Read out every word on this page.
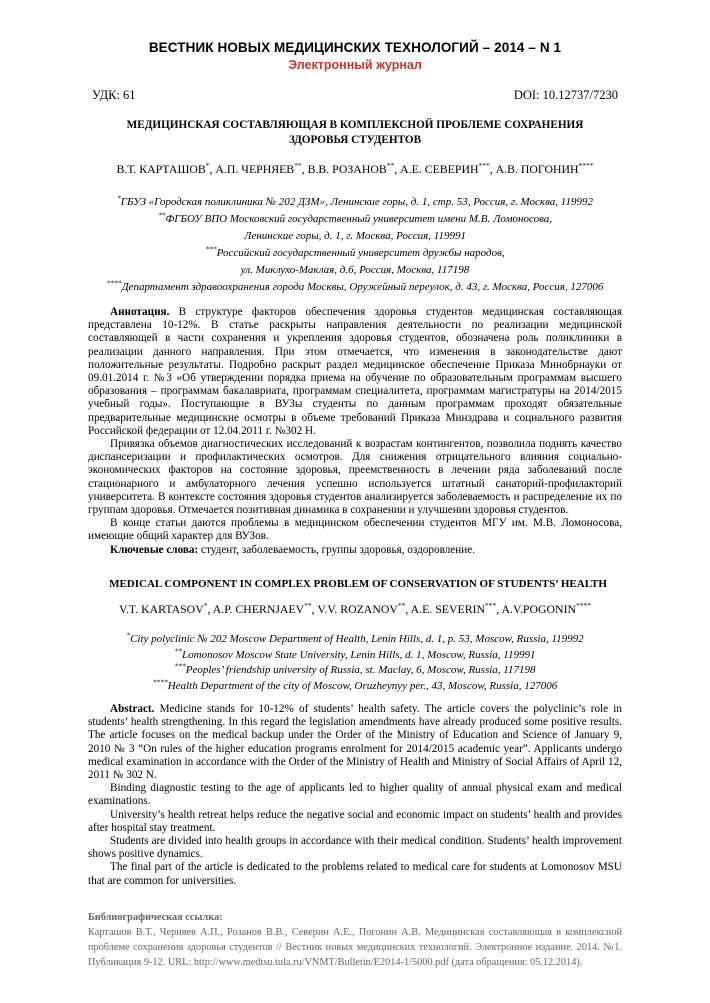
ВЕСТНИК НОВЫХ МЕДИЦИНСКИХ ТЕХНОЛОГИЙ – 2014 – N 1
Электронный журнал
УДК: 61	DOI: 10.12737/7230
МЕДИЦИНСКАЯ СОСТАВЛЯЮЩАЯ В КОМПЛЕКСНОЙ ПРОБЛЕМЕ СОХРАНЕНИЯ
ЗДОРОВЬЯ СТУДЕНТОВ
В.Т. КАРТАШОВ*, А.П. ЧЕРНЯЕВ**, В.В. РОЗАНОВ**, А.Е. СЕВЕРИН***, А.В. ПОГОНИН****
*ГБУЗ «Городская поликлиника № 202 ДЗМ», Ленинские горы, д. 1, стр. 53, Россия, г. Москва, 119992
**ФГБОУ ВПО Московский государственный университет имени М.В. Ломоносова,
Ленинские горы, д. 1, г. Москва, Россия, 119991
***Российский государственный университет дружбы народов,
ул. Миклухо-Маклая, д.6, Россия, Москва, 117198
****Департамент здравоохранения города Москвы, Оружейный переулок, д. 43, г. Москва, Россия, 127006

Аннотация. В структуре факторов обеспечения здоровья студентов медицинская составляющая представлена 10-12%. В статье раскрыты направления деятельности по реализации медицинской составляющей в части сохранения и укрепления здоровья студентов, обозначена роль поликлиники в реализации данного направления. При этом отмечается, что изменения в законодательстве дают положительные результаты. Подробно раскрыт раздел медицинское обеспечение Приказа Минобрнауки от 09.01.2014 г. №3 «Об утверждении порядка приема на обучение по образовательным программам высшего образования – программам бакалавриата, программам специалитета, программам магистратуры на 2014/2015 учебный годы». Поступающие в ВУЗы студенты по данным программам проходят обязательные предварительные медицинские осмотры в объеме требований Приказа Минздрава и социального развития Российской федерации от 12.04.2011 г. №302 Н.

Привязка объемов диагностических исследований к возрастам контингентов, позволила поднять качество диспансеризации и профилактических осмотров. Для снижения отрицательного влияния социально-экономических факторов на состояние здоровья, преемственность в лечении ряда заболеваний после стационарного и амбулаторного лечения успешно используется штатный санаторий-профилакторий университета. В контексте состояния здоровья студентов анализируется заболеваемость и распределение их по группам здоровья. Отмечается позитивная динамика в сохранении и улучшении здоровья студентов.

В конце статьи даются проблемы в медицинском обеспечении студентов МГУ им. М.В. Ломоносова, имеющие общий характер для ВУЗов.

Ключевые слова: студент, заболеваемость, группы здоровья, оздоровление.

MEDICAL COMPONENT IN COMPLEX PROBLEM OF CONSERVATION OF STUDENTS’ HEALTH
V.T. KARTASOV*, A.P. CHERNJAEV**, V.V. ROZANOV**, A.E. SEVERIN***, A.V.POGONIN****
*City polyclinic № 202 Moscow Department of Health, Lenin Hills, d. 1, p. 53, Moscow, Russia, 119992
**Lomonosov Moscow State University, Lenin Hills, d. 1, Moscow, Russia, 119991
***Peoples’ friendship university of Russia, st. Maclay, 6, Moscow, Russia, 117198
****Health Department of the city of Moscow, Oruzheynyy per., 43, Moscow, Russia, 127006

Abstract. Medicine stands for 10-12% of students’ health safety. The article covers the polyclinic’s role in students’ health strengthening. In this regard the legislation amendments have already produced some positive results. The article focuses on the medical backup under the Order of the Ministry of Education and Science of January 9, 2010 № 3 “On rules of the higher education programs enrolment for 2014/2015 academic year”. Applicants undergo medical examination in accordance with the Order of the Ministry of Health and Ministry of Social Affairs of April 12, 2011 № 302 N.

Binding diagnostic testing to the age of applicants led to higher quality of annual physical exam and medical examinations.

University’s health retreat helps reduce the negative social and economic impact on students’ health and provides after hospital stay treatment.

Students are divided into health groups in accordance with their medical condition. Students’ health improvement shows positive dynamics.

The final part of the article is dedicated to the problems related to medical care for students at Lomonosov MSU that are common for universities.

Библиографическая ссылка:
Карташов В.Т., Черняев А.П., Розанов В.В., Северин А.Е., Погонин А.В. Медицинская составляющая в комплексной проблеме сохранения здоровья студентов // Вестник новых медицинских технологий. Электронное издание. 2014. №1. Публикация 9-12. URL: http://www.medtsu.tula.ru/VNMT/Bulletin/E2014-1/5000.pdf (дата обращения: 05.12.2014).
